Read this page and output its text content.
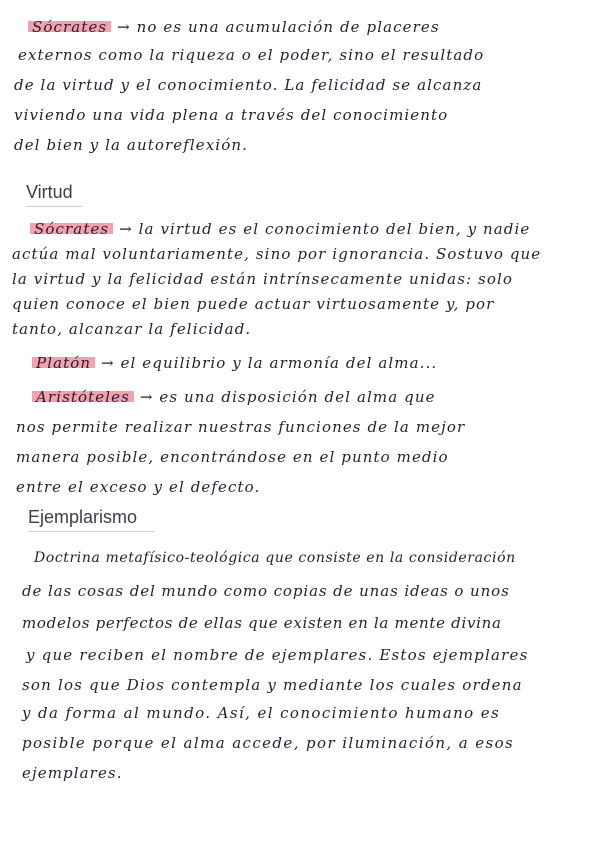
Sócrates → no es una acumulación de placeres
externos como la riqueza o el poder, sino el resultado
de la virtud y el conocimiento. La felicidad se alcanza
viviendo una vida plena a través del conocimiento
del bien y la autoreflexión.
Virtud
Sócrates → la virtud es el conocimiento del bien, y nadie
actúa mal voluntariamente, sino por ignorancia. Sostuvo que
la virtud y la felicidad están intrínsecamente unidas: solo
quien conoce el bien puede actuar virtuosamente y, por
tanto, alcanzar la felicidad.
Platón → el equilibrio y la armonía del alma...
Aristóteles → es una disposición del alma que
nos permite realizar nuestras funciones de la mejor
manera posible, encontrándose en el punto medio
entre el exceso y el defecto.
Ejemplarismo
Doctrina metafísico-teológica que consiste en la consideración
de las cosas del mundo como copias de unas ideas o unos
modelos perfectos de ellas que existen en la mente divina
y que reciben el nombre de ejemplares. Estos ejemplares
son los que Dios contempla y mediante los cuales ordena
y da forma al mundo. Así, el conocimiento humano es
posible porque el alma accede, por iluminación, a esos
ejemplares.
